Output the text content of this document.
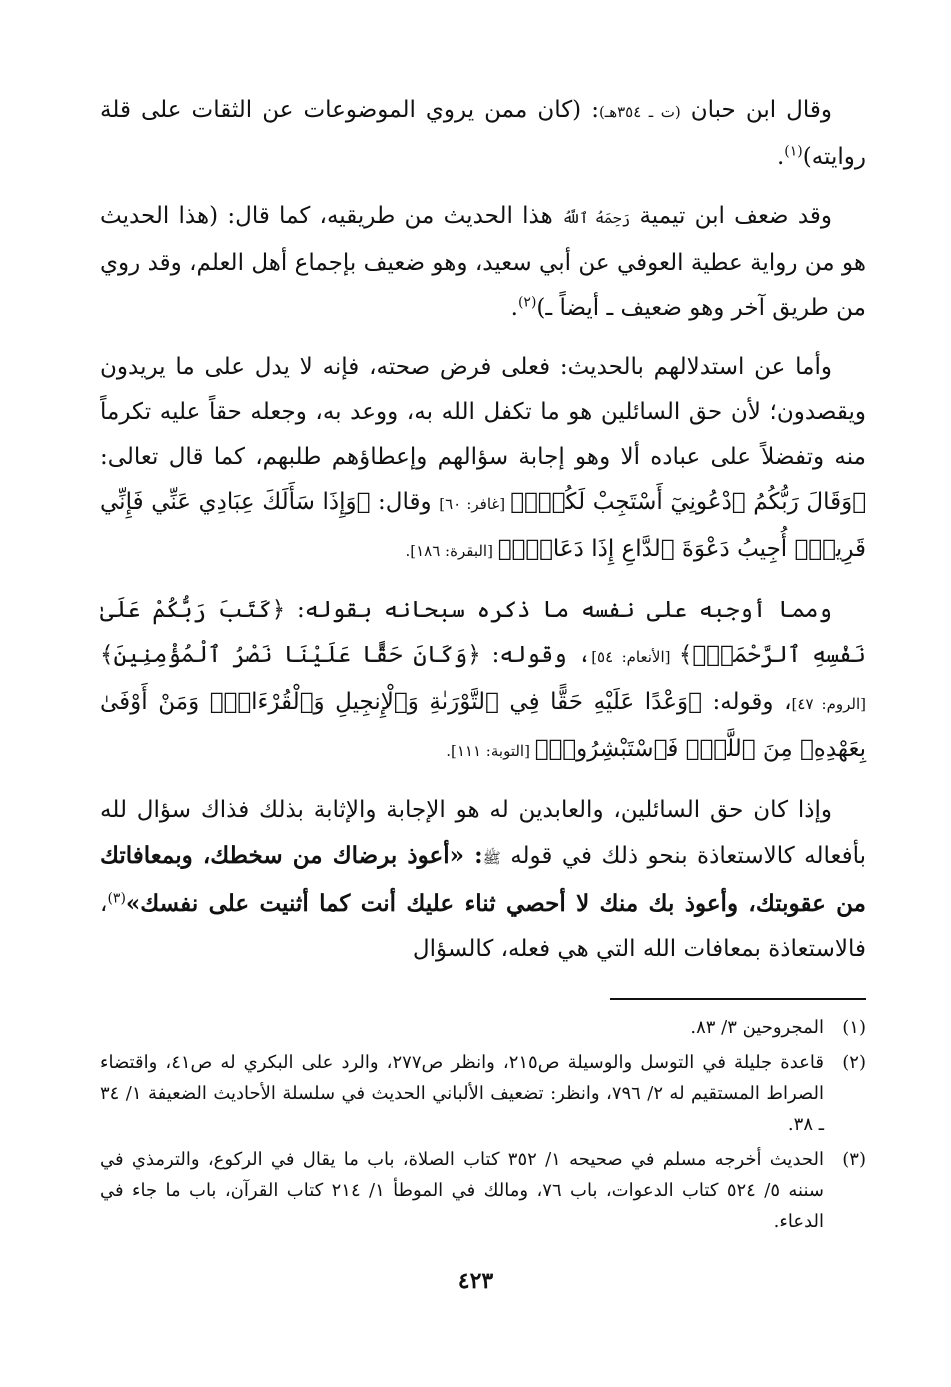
وقال ابن حبان (ت ـ ٣٥٤هـ): (كان ممن يروي الموضوعات عن الثقات على قلة روايته)$^{(١)}$.

وقد ضعف ابن تيمية رَحِمَهُ ٱللَّهُ هذا الحديث من طريقيه، كما قال: (هذا الحديث هو من رواية عطية العوفي عن أبي سعيد، وهو ضعيف بإجماع أهل العلم، وقد روي من طريق آخر وهو ضعيف ـ أيضاً ـ)$^{(٢)}$.

وأما عن استدلالهم بالحديث: فعلى فرض صحته، فإنه لا يدل على ما يريدون ويقصدون؛ لأن حق السائلين هو ما تكفل الله به، ووعد به، وجعله حقاً عليه تكرماً منه وتفضلاً على عباده ألا وهو إجابة سؤالهم وإعطاؤهم طلبهم، كما قال تعالى: ﴿وَقَالَ رَبُّكُمُ ٱدْعُونِيٓ أَسْتَجِبْ لَكُمْۚ﴾ [غافر: ٦٠] وقال: ﴿وَإِذَا سَأَلَكَ عِبَادِي عَنِّي فَإِنِّي قَرِيبٌۖ أُجِيبُ دَعْوَةَ ٱلدَّاعِ إِذَا دَعَانِۖ﴾ [البقرة: ١٨٦].

ومما أوجبه على نفسه ما ذكره سبحانه بقوله: ﴿كَتَبَ رَبُّكُمْ عَلَىٰ نَفْسِهِ ٱلرَّحْمَةَۖ﴾ [الأنعام: ٥٤]، وقوله: ﴿وَكَانَ حَقًّا عَلَيْنَا نَصْرُ ٱلْمُؤْمِنِينَ﴾ [الروم: ٤٧]، وقوله: ﴿وَعْدًا عَلَيْهِ حَقًّا فِي ٱلتَّوْرَىٰةِ وَٱلْإِنجِيلِ وَٱلْقُرْءَانِۚ وَمَنْ أَوْفَىٰ بِعَهْدِهِۦ مِنَ ٱللَّهِۚ فَٱسْتَبْشِرُوا۟﴾ [التوبة: ١١١].

وإذا كان حق السائلين، والعابدين له هو الإجابة والإثابة بذلك فذاك سؤال لله بأفعاله كالاستعاذة بنحو ذلك في قوله ﷺ: «أعوذ برضاك من سخطك، وبمعافاتك من عقوبتك، وأعوذ بك منك لا أحصي ثناء عليك أنت كما أثنيت على نفسك»$^{(٣)}$، فالاستعاذة بمعافات الله التي هي فعله، كالسؤال

(١)
المجروحين ٣/ ٨٣.
(٢)
قاعدة جليلة في التوسل والوسيلة ص٢١٥، وانظر ص٢٧٧، والرد على البكري له ص٤١، واقتضاء الصراط المستقيم له ٢/ ٧٩٦، وانظر: تضعيف الألباني الحديث في سلسلة الأحاديث الضعيفة ١/ ٣٤ ـ ٣٨.
(٣)
الحديث أخرجه مسلم في صحيحه ١/ ٣٥٢ كتاب الصلاة، باب ما يقال في الركوع، والترمذي في سننه ٥/ ٥٢٤ كتاب الدعوات، باب ٧٦، ومالك في الموطأ ١/ ٢١٤ كتاب القرآن، باب ما جاء في الدعاء.
٤٢٣
